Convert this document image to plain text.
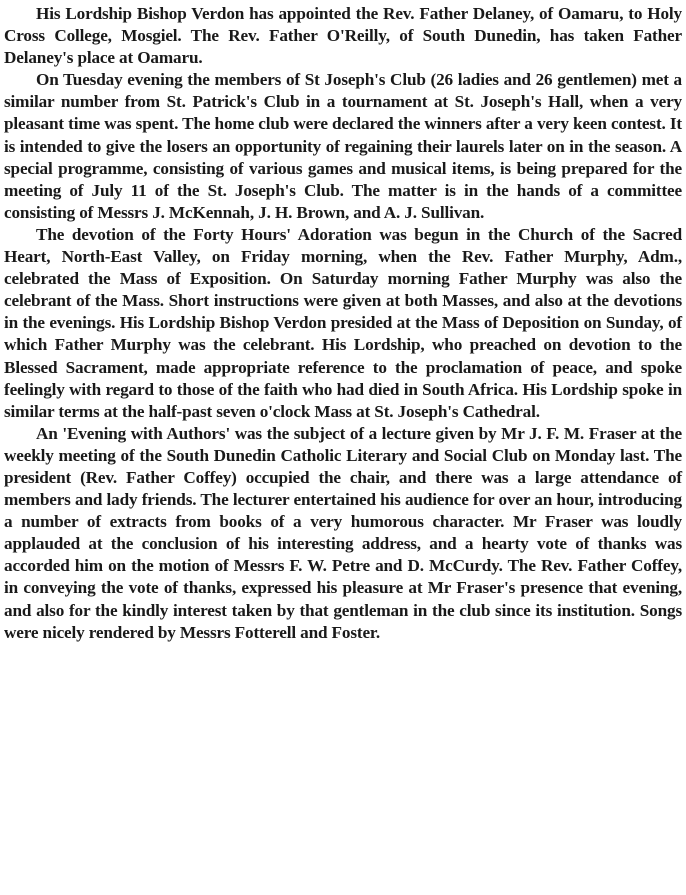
His Lordship Bishop Verdon has appointed the Rev. Father Delaney, of Oamaru, to Holy Cross College, Mosgiel. The Rev. Father O'Reilly, of South Dunedin, has taken Father Delaney's place at Oamaru.

On Tuesday evening the members of St Joseph's Club (26 ladies and 26 gentlemen) met a similar number from St. Patrick's Club in a tournament at St. Joseph's Hall, when a very pleasant time was spent. The home club were declared the winners after a very keen contest. It is intended to give the losers an opportunity of regaining their laurels later on in the season. A special programme, consisting of various games and musical items, is being prepared for the meeting of July 11 of the St. Joseph's Club. The matter is in the hands of a committee consisting of Messrs J. McKennah, J. H. Brown, and A. J. Sullivan.

The devotion of the Forty Hours' Adoration was begun in the Church of the Sacred Heart, North-East Valley, on Friday morning, when the Rev. Father Murphy, Adm., celebrated the Mass of Exposition. On Saturday morning Father Murphy was also the celebrant of the Mass. Short instructions were given at both Masses, and also at the devotions in the evenings. His Lordship Bishop Verdon presided at the Mass of Deposition on Sunday, of which Father Murphy was the celebrant. His Lordship, who preached on devotion to the Blessed Sacrament, made appropriate reference to the proclamation of peace, and spoke feelingly with regard to those of the faith who had died in South Africa. His Lordship spoke in similar terms at the half-past seven o'clock Mass at St. Joseph's Cathedral.

An 'Evening with Authors' was the subject of a lecture given by Mr J. F. M. Fraser at the weekly meeting of the South Dunedin Catholic Literary and Social Club on Monday last. The president (Rev. Father Coffey) occupied the chair, and there was a large attendance of members and lady friends. The lecturer entertained his audience for over an hour, introducing a number of extracts from books of a very humorous character. Mr Fraser was loudly applauded at the conclusion of his interesting address, and a hearty vote of thanks was accorded him on the motion of Messrs F. W. Petre and D. McCurdy. The Rev. Father Coffey, in conveying the vote of thanks, expressed his pleasure at Mr Fraser's presence that evening, and also for the kindly interest taken by that gentleman in the club since its institution. Songs were nicely rendered by Messrs Fotterell and Foster.
